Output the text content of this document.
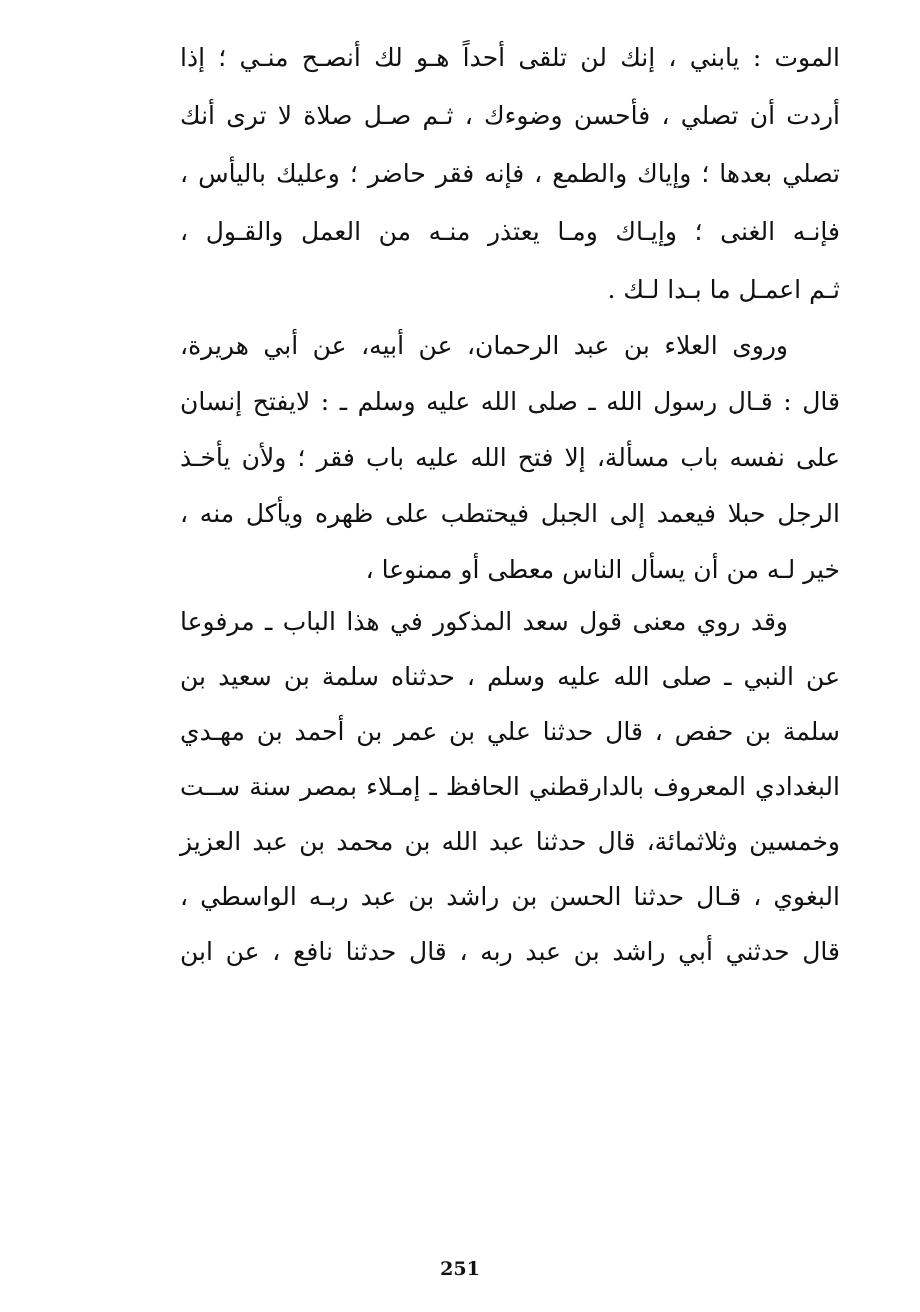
الموت : يابني ، إنك لن تلقى أحداً هـو لك أنصـح منـي ؛ إذا
أردت أن تصلي ، فأحسن وضوءك ، ثـم صـل صلاة لا ترى أنك
تصلي بعدها ؛ وإياك والطمع ، فإنه فقر حاضر ؛ وعليك باليأس ،
فإنـه الغنى ؛ وإيـاك ومـا يعتذر منـه من العمل والقـول ،
ثـم اعمـل ما بـدا لـك .
وروى العلاء بن عبد الرحمان، عن أبيه، عن أبي هريرة،
قال : قـال رسول الله ـ صلى الله عليه وسلم ـ : لايفتح إنسان
على نفسه باب مسألة، إلا فتح الله عليه باب فقر ؛ ولأن يأخـذ
الرجل حبلا فيعمد إلى الجبل فيحتطب على ظهره ويأكل منه ،
خير لـه من أن يسأل الناس معطى أو ممنوعا ،
وقد روي معنى قول سعد المذكور في هذا الباب ـ مرفوعا
عن النبي ـ صلى الله عليه وسلم ، حدثناه سلمة بن سعيد بن
سلمة بن حفص ، قال حدثنا علي بن عمر بن أحمد بن مهـدي
البغدادي المعروف بالدارقطني الحافظ ـ إمـلاء بمصر سنة ســت
وخمسين وثلاثمائة، قال حدثنا عبد الله بن محمد بن عبد العزيز
البغوي ، قـال حدثنا الحسن بن راشد بن عبد ربـه الواسطي ،
قال حدثني أبي راشد بن عبد ربه ، قال حدثنا نافع ، عن ابن
251
